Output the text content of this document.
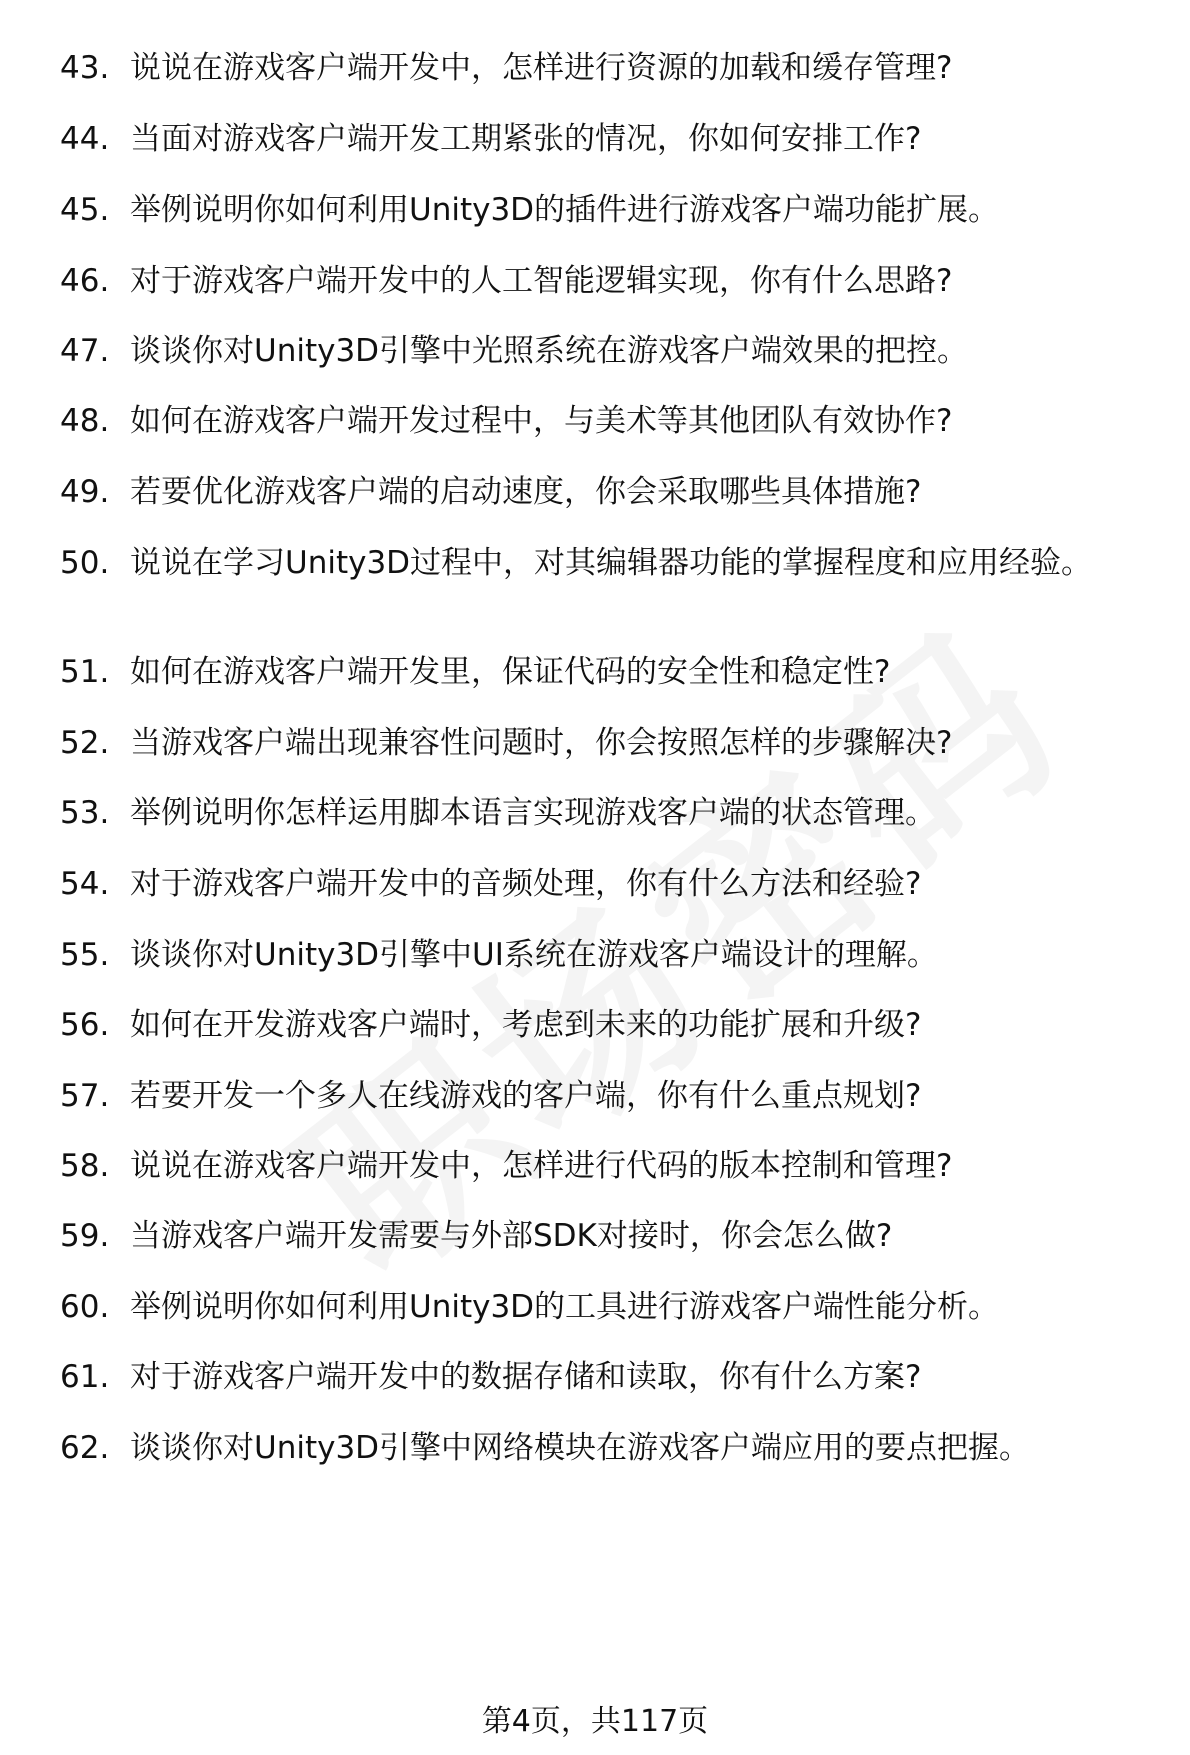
43. 说说在游戏客户端开发中，怎样进行资源的加载和缓存管理?
44. 当面对游戏客户端开发工期紧张的情况，你如何安排工作?
45. 举例说明你如何利用Unity3D的插件进行游戏客户端功能扩展。
46. 对于游戏客户端开发中的人工智能逻辑实现，你有什么思路?
47. 谈谈你对Unity3D引擎中光照系统在游戏客户端效果的把控。
48. 如何在游戏客户端开发过程中，与美术等其他团队有效协作?
49. 若要优化游戏客户端的启动速度，你会采取哪些具体措施?
50. 说说在学习Unity3D过程中，对其编辑器功能的掌握程度和应用经验。
51. 如何在游戏客户端开发里，保证代码的安全性和稳定性?
52. 当游戏客户端出现兼容性问题时，你会按照怎样的步骤解决?
53. 举例说明你怎样运用脚本语言实现游戏客户端的状态管理。
54. 对于游戏客户端开发中的音频处理，你有什么方法和经验?
55. 谈谈你对Unity3D引擎中UI系统在游戏客户端设计的理解。
56. 如何在开发游戏客户端时，考虑到未来的功能扩展和升级?
57. 若要开发一个多人在线游戏的客户端，你有什么重点规划?
58. 说说在游戏客户端开发中，怎样进行代码的版本控制和管理?
59. 当游戏客户端开发需要与外部SDK对接时，你会怎么做?
60. 举例说明你如何利用Unity3D的工具进行游戏客户端性能分析。
61. 对于游戏客户端开发中的数据存储和读取，你有什么方案?
62. 谈谈你对Unity3D引擎中网络模块在游戏客户端应用的要点把握。
第4页，共117页
